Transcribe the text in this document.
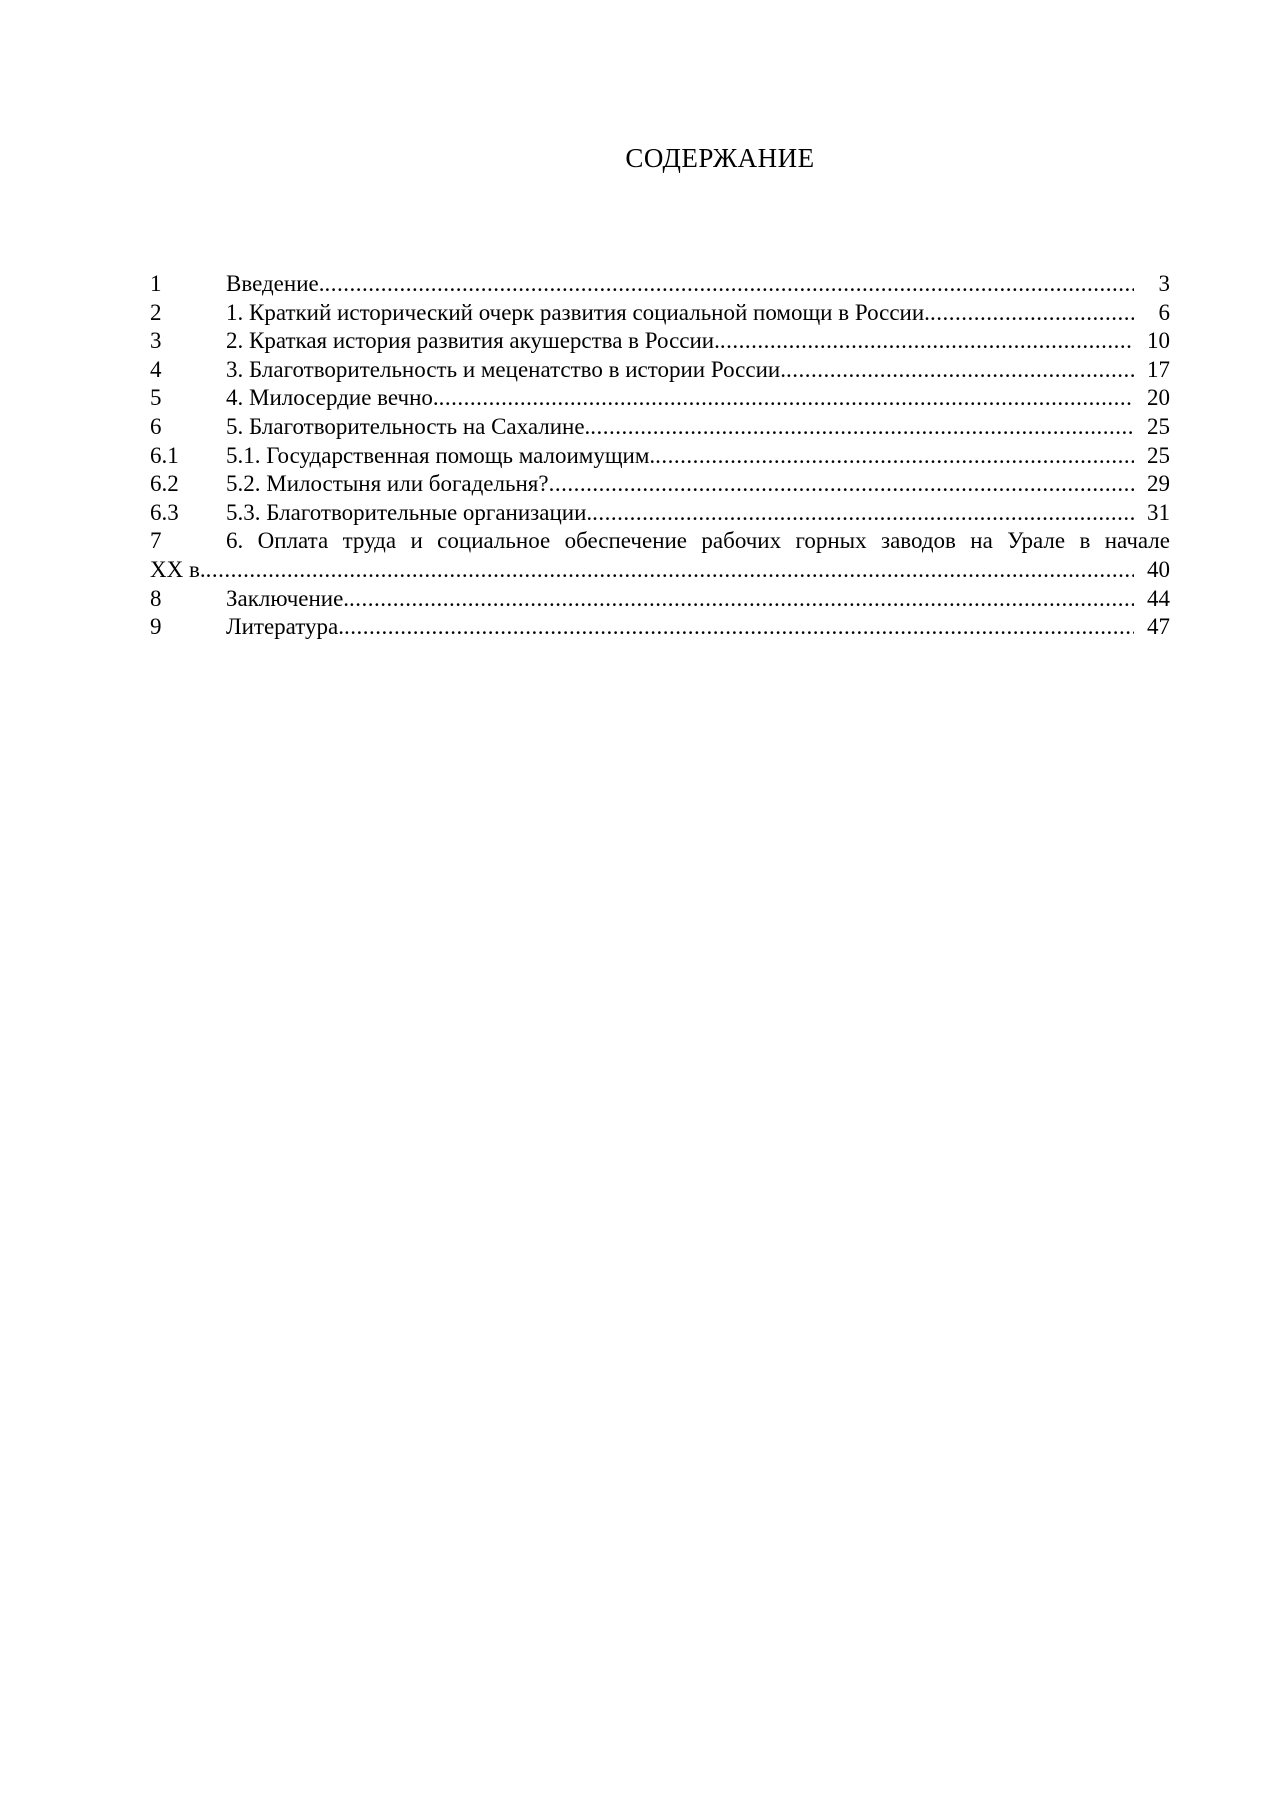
СОДЕРЖАНИЕ
1	Введение. .....	3
2	1. Краткий исторический очерк развития социальной помощи в России. .....	6
3	2. Краткая история развития акушерства в России. .....	10
4	3. Благотворительность и меценатство в истории России. .....	17
5	4. Милосердие вечно. .....	20
6	5. Благотворительность на Сахалине. .....	25
6.1	5.1. Государственная помощь малоимущим. .....	25
6.2	5.2. Милостыня или богадельня? .....	29
6.3	5.3. Благотворительные организации. .....	31
7	6. Оплата труда и социальное обеспечение рабочих горных заводов на Урале в начале
XX в. .....	40
8	Заключение. .....	44
9	Литература. .....	47
